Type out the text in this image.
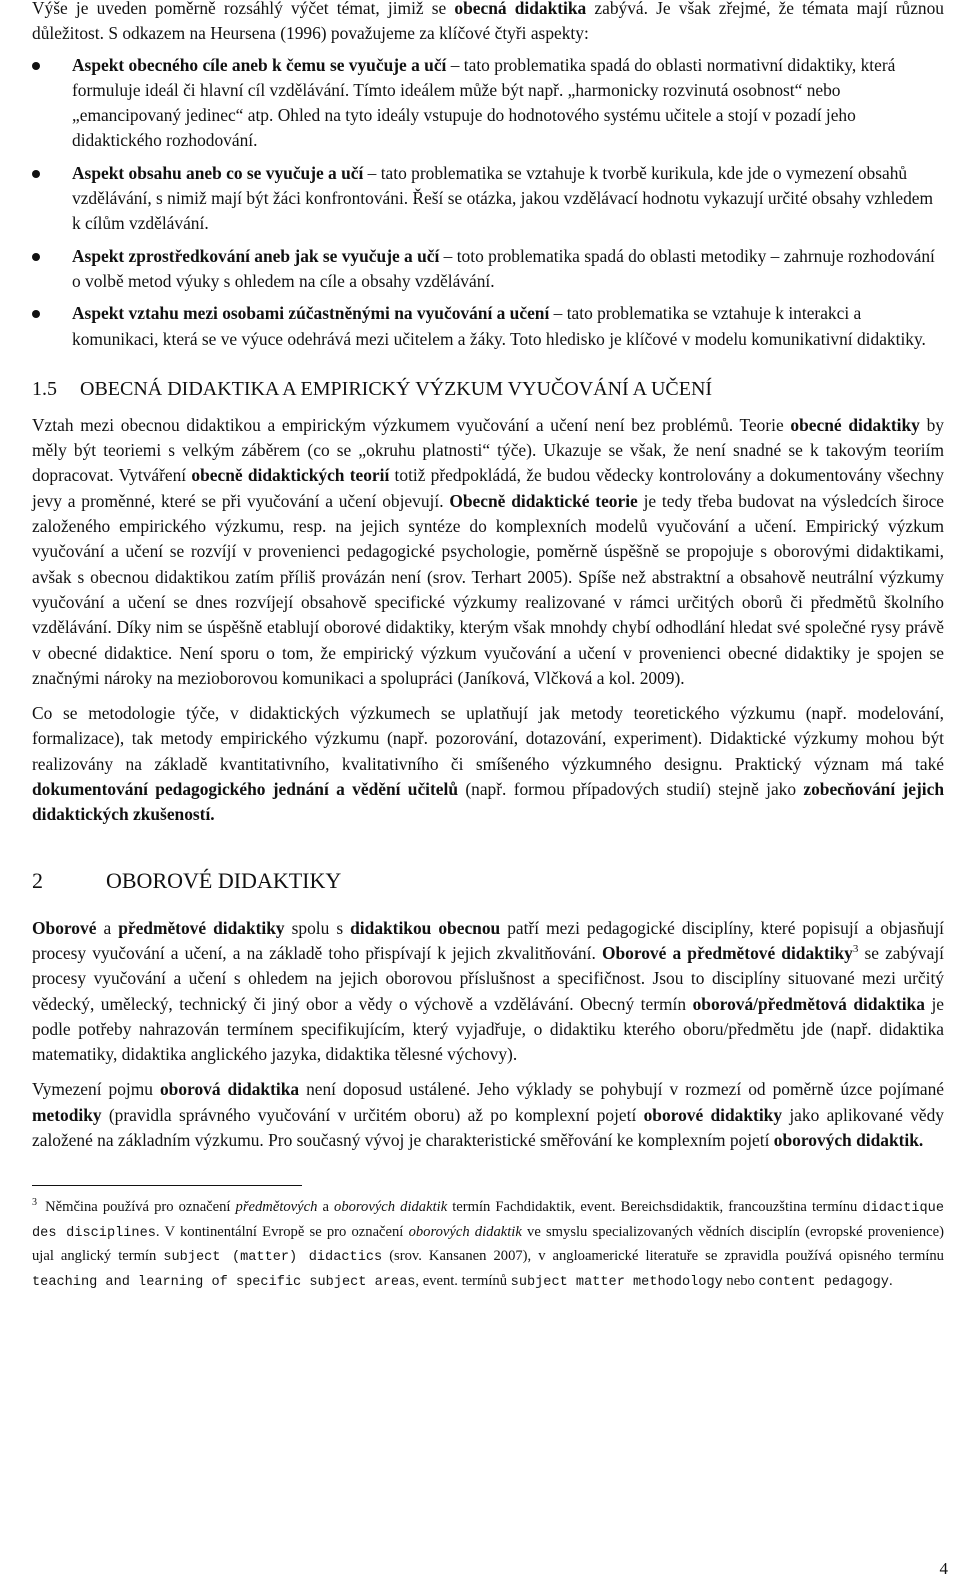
Výše je uveden poměrně rozsáhlý výčet témat, jimiž se obecná didaktika zabývá. Je však zřejmé, že témata mají různou důležitost. S odkazem na Heursena (1996) považujeme za klíčové čtyři aspekty:

Aspekt obecného cíle aneb k čemu se vyučuje a učí – tato problematika spadá do oblasti normativní didaktiky, která formuluje ideál či hlavní cíl vzdělávání. Tímto ideálem může být např. „harmonicky rozvinutá osobnost“ nebo „emancipovaný jedinec“ atp. Ohled na tyto ideály vstupuje do hodnotového systému učitele a stojí v pozadí jeho didaktického rozhodování.
Aspekt obsahu aneb co se vyučuje a učí – tato problematika se vztahuje k tvorbě kurikula, kde jde o vymezení obsahů vzdělávání, s nimiž mají být žáci konfrontováni. Řeší se otázka, jakou vzdělávací hodnotu vykazují určité obsahy vzhledem k cílům vzdělávání.
Aspekt zprostředkování aneb jak se vyučuje a učí – toto problematika spadá do oblasti metodiky – zahrnuje rozhodování o volbě metod výuky s ohledem na cíle a obsahy vzdělávání.
Aspekt vztahu mezi osobami zúčastněnými na vyučování a učení – tato problematika se vztahuje k interakci a komunikaci, která se ve výuce odehrává mezi učitelem a žáky. Toto hledisko je klíčové v modelu komunikativní didaktiky.
1.5 OBECNÁ DIDAKTIKA A EMPIRICKÝ VÝZKUM VYUČOVÁNÍ A UČENÍ

Vztah mezi obecnou didaktikou a empirickým výzkumem vyučování a učení není bez problémů. Teorie obecné didaktiky by měly být teoriemi s velkým záběrem (co se „okruhu platnosti“ týče). Ukazuje se však, že není snadné se k takovým teoriím dopracovat. Vytváření obecně didaktických teorií totiž předpokládá, že budou vědecky kontrolovány a dokumentovány všechny jevy a proměnné, které se při vyučování a učení objevují. Obecně didaktické teorie je tedy třeba budovat na výsledcích široce založeného empirického výzkumu, resp. na jejich syntéze do komplexních modelů vyučování a učení. Empirický výzkum vyučování a učení se rozvíjí v provenienci pedagogické psychologie, poměrně úspěšně se propojuje s oborovými didaktikami, avšak s obecnou didaktikou zatím příliš provázán není (srov. Terhart 2005). Spíše než abstraktní a obsahově neutrální výzkumy vyučování a učení se dnes rozvíjejí obsahově specifické výzkumy realizované v rámci určitých oborů či předmětů školního vzdělávání. Díky nim se úspěšně etablují oborové didaktiky, kterým však mnohdy chybí odhodlání hledat své společné rysy právě v obecné didaktice. Není sporu o tom, že empirický výzkum vyučování a učení v provenienci obecné didaktiky je spojen se značnými nároky na mezioborovou komunikaci a spolupráci (Janíková, Vlčková a kol. 2009).

Co se metodologie týče, v didaktických výzkumech se uplatňují jak metody teoretického výzkumu (např. modelování, formalizace), tak metody empirického výzkumu (např. pozorování, dotazování, experiment). Didaktické výzkumy mohou být realizovány na základě kvantitativního, kvalitativního či smíšeného výzkumného designu. Praktický význam má také dokumentování pedagogického jednání a vědění učitelů (např. formou případových studií) stejně jako zobecňování jejich didaktických zkušeností.

2	OBOROVÉ DIDAKTIKY

Oborové a předmětové didaktiky spolu s didaktikou obecnou patří mezi pedagogické disciplíny, které popisují a objasňují procesy vyučování a učení, a na základě toho přispívají k jejich zkvalitňování. Oborové a předmětové didaktiky$^3$ se zabývají procesy vyučování a učení s ohledem na jejich oborovou příslušnost a specifičnost. Jsou to disciplíny situované mezi určitý vědecký, umělecký, technický či jiný obor a vědy o výchově a vzdělávání. Obecný termín oborová/předmětová didaktika je podle potřeby nahrazován termínem specifikujícím, který vyjadřuje, o didaktiku kterého oboru/předmětu jde (např. didaktika matematiky, didaktika anglického jazyka, didaktika tělesné výchovy).

Vymezení pojmu oborová didaktika není doposud ustálené. Jeho výklady se pohybují v rozmezí od poměrně úzce pojímané metodiky (pravidla správného vyučování v určitém oboru) až po komplexní pojetí oborové didaktiky jako aplikované vědy založené na základním výzkumu. Pro současný vývoj je charakteristické směřování ke komplexním pojetí oborových didaktik.

$^3$ Němčina používá pro označení předmětových a oborových didaktik termín Fachdidaktik, event. Bereichsdidaktik, francouzština termínu didactique des disciplines. V kontinentální Evropě se pro označení oborových didaktik ve smyslu specializovaných vědních disciplín (evropské provenience) ujal anglický termín subject (matter) didactics (srov. Kansanen 2007), v angloamerické literatuře se zpravidla používá opisného termínu teaching and learning of specific subject areas, event. termínů subject matter methodology nebo content pedagogy.

4
